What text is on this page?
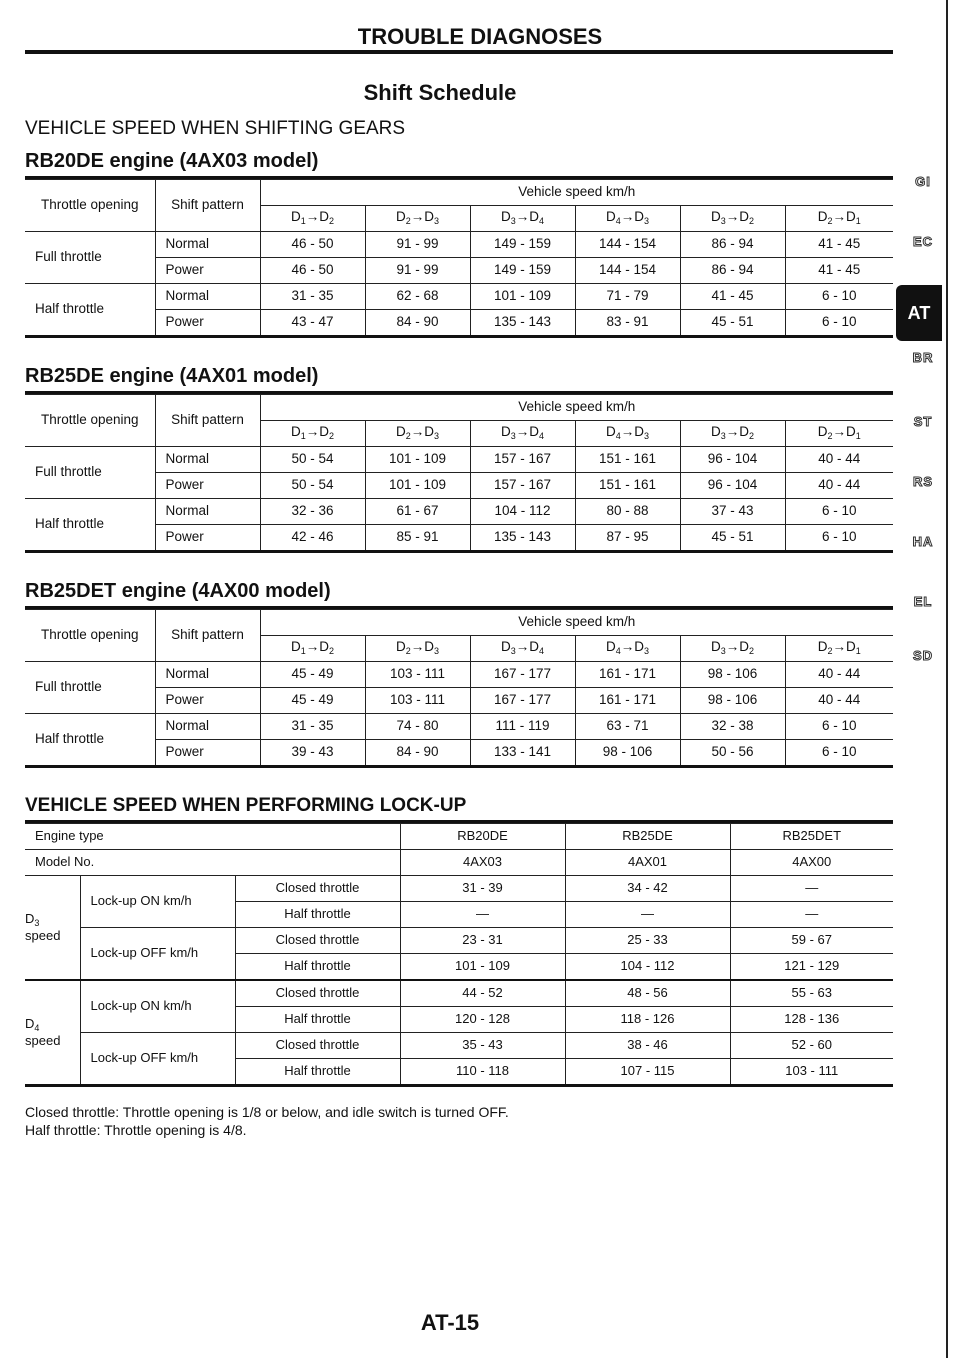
TROUBLE DIAGNOSES
Shift Schedule
VEHICLE SPEED WHEN SHIFTING GEARS
RB20DE engine (4AX03 model)
Throttle opening	Shift pattern	Vehicle speed km/h					
		$D_1\to D_2$	$D_2\to D_3$	$D_3\to D_4$	$D_4\to D_3$	$D_3\to D_2$	$D_2\to D_1$
Full throttle	Normal	46 - 50	91 - 99	149 - 159	144 - 154	86 - 94	41 - 45
	Power	46 - 50	91 - 99	149 - 159	144 - 154	86 - 94	41 - 45
Half throttle	Normal	31 - 35	62 - 68	101 - 109	71 - 79	41 - 45	6 - 10
	Power	43 - 47	84 - 90	135 - 143	83 - 91	45 - 51	6 - 10
RB25DE engine (4AX01 model)
Throttle opening	Shift pattern	Vehicle speed km/h					
		$D_1\to D_2$	$D_2\to D_3$	$D_3\to D_4$	$D_4\to D_3$	$D_3\to D_2$	$D_2\to D_1$
Full throttle	Normal	50 - 54	101 - 109	157 - 167	151 - 161	96 - 104	40 - 44
	Power	50 - 54	101 - 109	157 - 167	151 - 161	96 - 104	40 - 44
Half throttle	Normal	32 - 36	61 - 67	104 - 112	80 - 88	37 - 43	6 - 10
	Power	42 - 46	85 - 91	135 - 143	87 - 95	45 - 51	6 - 10
RB25DET engine (4AX00 model)
Throttle opening	Shift pattern	Vehicle speed km/h					
		$D_1\to D_2$	$D_2\to D_3$	$D_3\to D_4$	$D_4\to D_3$	$D_3\to D_2$	$D_2\to D_1$
Full throttle	Normal	45 - 49	103 - 111	167 - 177	161 - 171	98 - 106	40 - 44
	Power	45 - 49	103 - 111	167 - 177	161 - 171	98 - 106	40 - 44
Half throttle	Normal	31 - 35	74 - 80	111 - 119	63 - 71	32 - 38	6 - 10
	Power	39 - 43	84 - 90	133 - 141	98 - 106	50 - 56	6 - 10
VEHICLE SPEED WHEN PERFORMING LOCK-UP
Engine type			RB20DE	RB25DE	RB25DET
Model No.			4AX03	4AX01	4AX00

$D_3$
speed	Lock-up ON km/h	Closed throttle	31 - 39	34 - 42	—
		Half throttle	—	—	—
	Lock-up OFF km/h	Closed throttle	23 - 31	25 - 33	59 - 67
		Half throttle	101 - 109	104 - 112	121 - 129

$D_4$
speed	Lock-up ON km/h	Closed throttle	44 - 52	48 - 56	55 - 63
		Half throttle	120 - 128	118 - 126	128 - 136
	Lock-up OFF km/h	Closed throttle	35 - 43	38 - 46	52 - 60
		Half throttle	110 - 118	107 - 115	103 - 111
Closed throttle: Throttle opening is 1/8 or below, and idle switch is turned OFF.
Half throttle: Throttle opening is 4/8.
AT-15
AT
GI
EC
BR
ST
RS
HA
EL
SD
